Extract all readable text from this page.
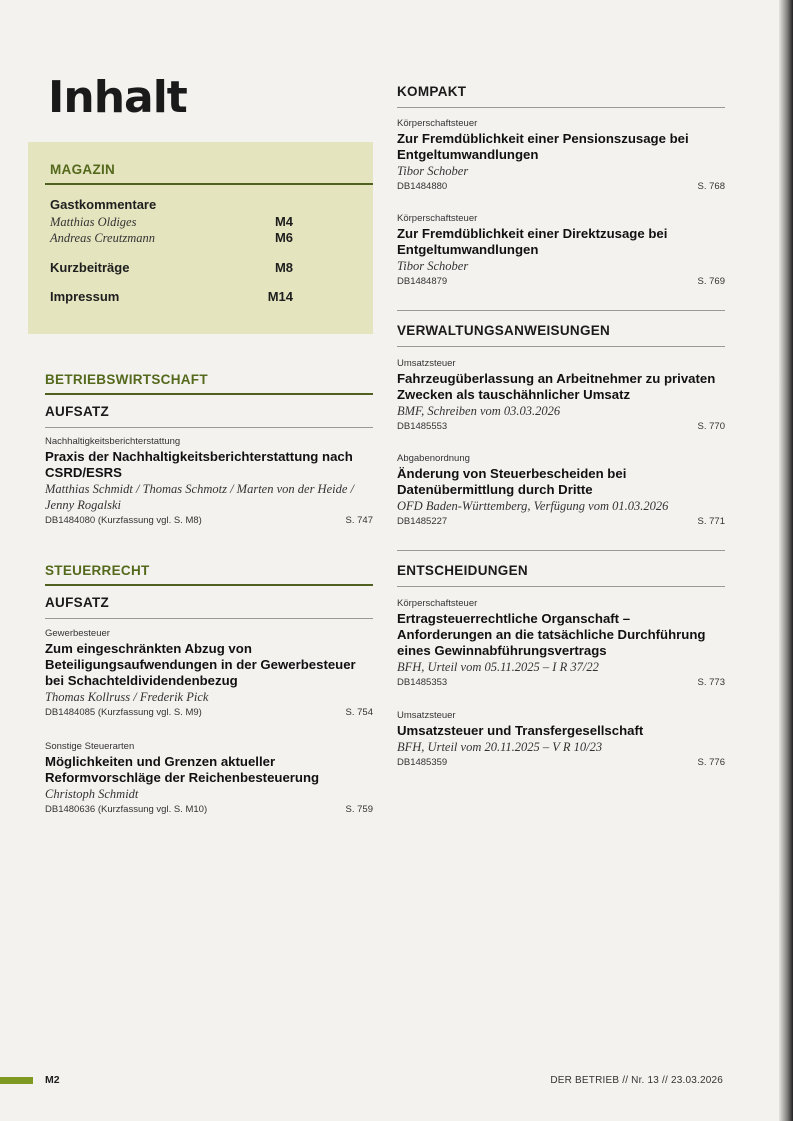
Inhalt
MAGAZIN
Gastkommentare
Matthias Oldiges	M4
Andreas Creutzmann	M6
Kurzbeiträge	M8
Impressum	M14
BETRIEBSWIRTSCHAFT
AUFSATZ
Nachhaltigkeitsberichterstattung
Praxis der Nachhaltigkeitsberichterstattung nach CSRD/ESRS
Matthias Schmidt / Thomas Schmotz / Marten von der Heide / Jenny Rogalski
DB1484080 (Kurzfassung vgl. S. M8)	S. 747
STEUERRECHT
AUFSATZ
Gewerbesteuer
Zum eingeschränkten Abzug von Beteiligungsaufwendungen in der Gewerbesteuer bei Schachteldividendenbezug
Thomas Kollruss / Frederik Pick
DB1484085 (Kurzfassung vgl. S. M9)	S. 754
Sonstige Steuerarten
Möglichkeiten und Grenzen aktueller Reformvorschläge der Reichenbesteuerung
Christoph Schmidt
DB1480636 (Kurzfassung vgl. S. M10)	S. 759
KOMPAKT
Körperschaftsteuer
Zur Fremdüblichkeit einer Pensionszusage bei Entgeltumwandlungen
Tibor Schober
DB1484880	S. 768
Körperschaftsteuer
Zur Fremdüblichkeit einer Direktzusage bei Entgeltumwandlungen
Tibor Schober
DB1484879	S. 769
VERWALTUNGSANWEISUNGEN
Umsatzsteuer
Fahrzeugüberlassung an Arbeitnehmer zu privaten Zwecken als tauschähnlicher Umsatz
BMF, Schreiben vom 03.03.2026
DB1485553	S. 770
Abgabenordnung
Änderung von Steuerbescheiden bei Datenübermittlung durch Dritte
OFD Baden-Württemberg, Verfügung vom 01.03.2026
DB1485227	S. 771
ENTSCHEIDUNGEN
Körperschaftsteuer
Ertragsteuerrechtliche Organschaft – Anforderungen an die tatsächliche Durchführung eines Gewinnabführungsvertrags
BFH, Urteil vom 05.11.2025 – I R 37/22
DB1485353	S. 773
Umsatzsteuer
Umsatzsteuer und Transfergesellschaft
BFH, Urteil vom 20.11.2025 – V R 10/23
DB1485359	S. 776
M2	DER BETRIEB // Nr. 13 // 23.03.2026
